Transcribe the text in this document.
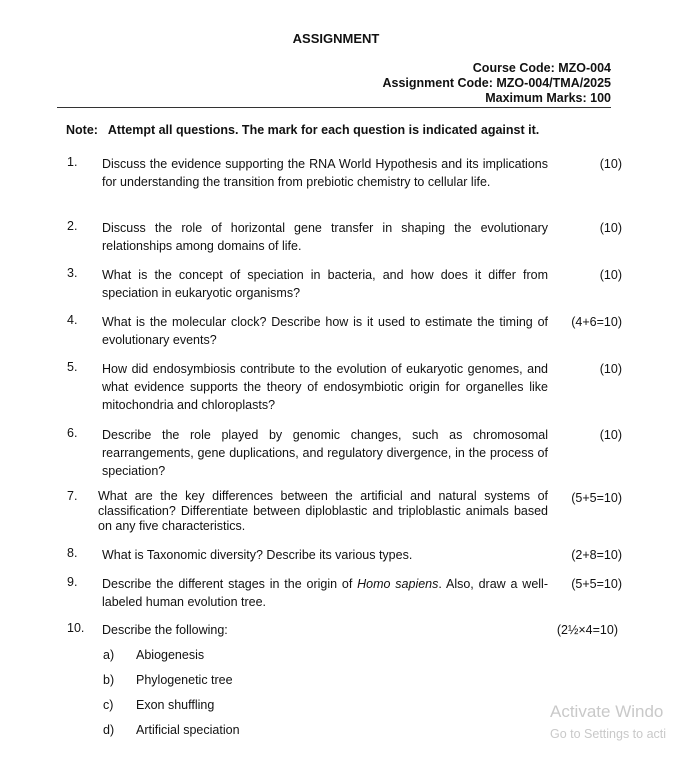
ASSIGNMENT
Course Code: MZO-004
Assignment Code: MZO-004/TMA/2025
Maximum Marks: 100
Note:   Attempt all questions. The mark for each question is indicated against it.
1. Discuss the evidence supporting the RNA World Hypothesis and its implications for understanding the transition from prebiotic chemistry to cellular life.
(10)
2. Discuss the role of horizontal gene transfer in shaping the evolutionary relationships among domains of life.
(10)
3. What is the concept of speciation in bacteria, and how does it differ from speciation in eukaryotic organisms?
(10)
4. What is the molecular clock? Describe how is it used to estimate the timing of evolutionary events?
(4+6=10)
5. How did endosymbiosis contribute to the evolution of eukaryotic genomes, and what evidence supports the theory of endosymbiotic origin for organelles like mitochondria and chloroplasts?
(10)
6. Describe the role played by genomic changes, such as chromosomal rearrangements, gene duplications, and regulatory divergence, in the process of speciation?
(10)
7. What are the key differences between the artificial and natural systems of classification? Differentiate between diploblastic and triploblastic animals based on any five characteristics.
(5+5=10)
8. What is Taxonomic diversity? Describe its various types.	(2+8=10)
9. Describe the different stages in the origin of Homo sapiens. Also, draw a well-labeled human evolution tree.
(5+5=10)
10. Describe the following:	(2½×4=10)
a) Abiogenesis
b) Phylogenetic tree
c) Exon shuffling
d) Artificial speciation
Activate Windo
Go to Settings to acti
